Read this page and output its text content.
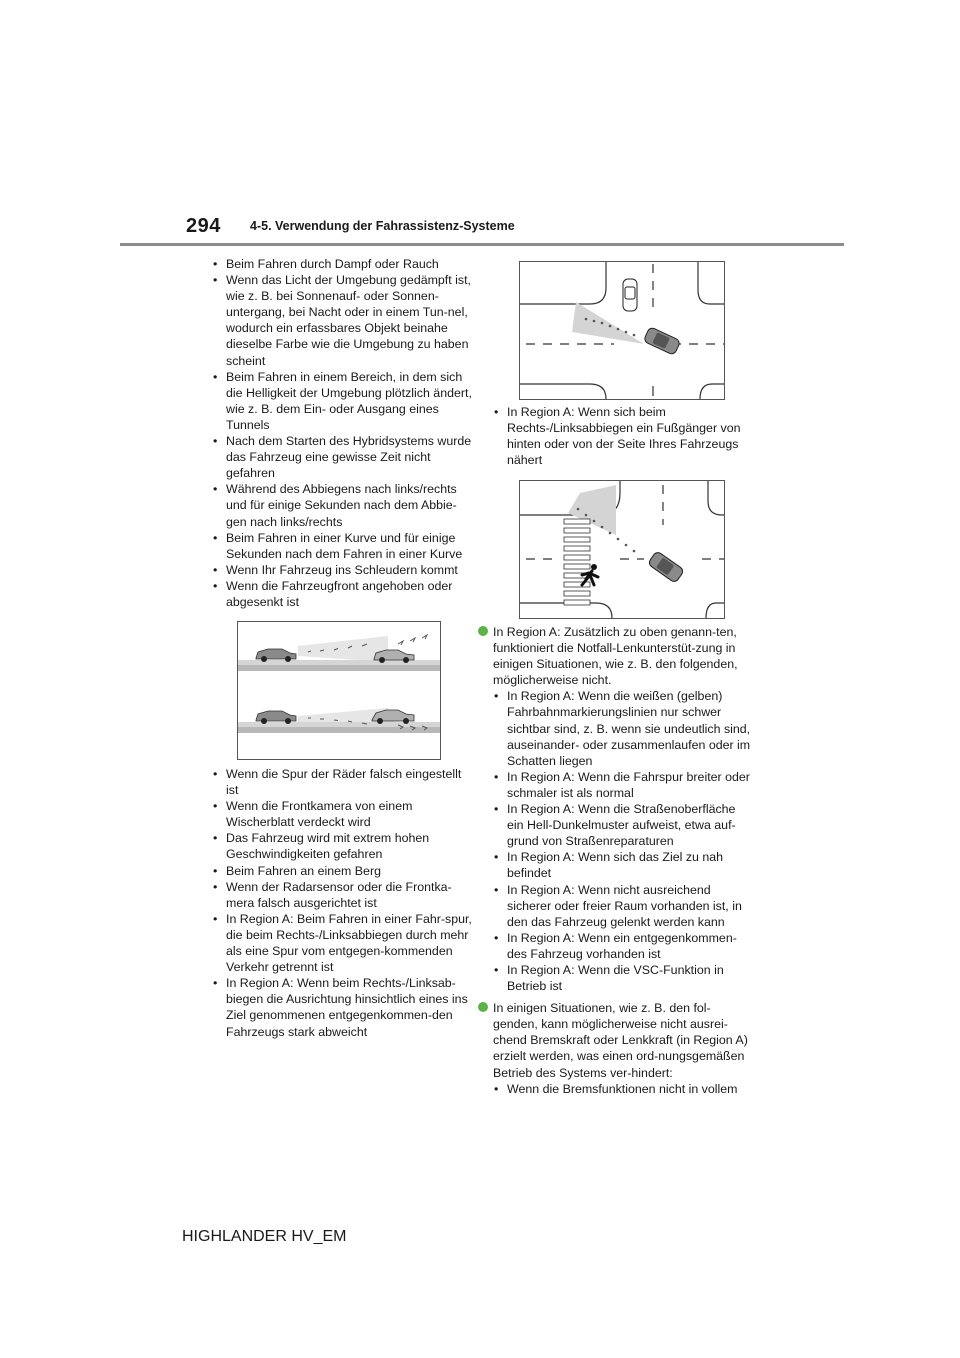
294 4-5. Verwendung der Fahrassistenz-Systeme
• Beim Fahren durch Dampf oder Rauch
• Wenn das Licht der Umgebung gedämpft ist, wie z. B. bei Sonnenauf- oder Sonnen-untergang, bei Nacht oder in einem Tun-nel, wodurch ein erfassbares Objekt beinahe dieselbe Farbe wie die Umgebung zu haben scheint
• Beim Fahren in einem Bereich, in dem sich die Helligkeit der Umgebung plötzlich ändert, wie z. B. dem Ein- oder Ausgang eines Tunnels
• Nach dem Starten des Hybridsystems wurde das Fahrzeug eine gewisse Zeit nicht gefahren
• Während des Abbiegens nach links/rechts und für einige Sekunden nach dem Abbie-gen nach links/rechts
• Beim Fahren in einer Kurve und für einige Sekunden nach dem Fahren in einer Kurve
• Wenn Ihr Fahrzeug ins Schleudern kommt
• Wenn die Fahrzeugfront angehoben oder abgesenkt ist
• Wenn die Spur der Räder falsch eingestellt ist
• Wenn die Frontkamera von einem Wischerblatt verdeckt wird
• Das Fahrzeug wird mit extrem hohen Geschwindigkeiten gefahren
• Beim Fahren an einem Berg
• Wenn der Radarsensor oder die Frontka-mera falsch ausgerichtet ist
• In Region A: Beim Fahren in einer Fahr-spur, die beim Rechts-/Linksabbiegen durch mehr als eine Spur vom entgegen-kommenden Verkehr getrennt ist
• In Region A: Wenn beim Rechts-/Linksab-biegen die Ausrichtung hinsichtlich eines ins Ziel genommenen entgegenkommen-den Fahrzeugs stark abweicht
• In Region A: Wenn sich beim Rechts-/Linksabbiegen ein Fußgänger von hinten oder von der Seite Ihres Fahrzeugs nähert

In Region A: Zusätzlich zu oben genann-ten, funktioniert die Notfall-Lenkunterstüt-zung in einigen Situationen, wie z. B. den folgenden, möglicherweise nicht.

• In Region A: Wenn die weißen (gelben) Fahrbahnmarkierungslinien nur schwer sichtbar sind, z. B. wenn sie undeutlich sind, auseinander- oder zusammenlaufen oder im Schatten liegen
• In Region A: Wenn die Fahrspur breiter oder schmaler ist als normal
• In Region A: Wenn die Straßenoberfläche ein Hell-Dunkelmuster aufweist, etwa auf-grund von Straßenreparaturen
• In Region A: Wenn sich das Ziel zu nah befindet
• In Region A: Wenn nicht ausreichend sicherer oder freier Raum vorhanden ist, in den das Fahrzeug gelenkt werden kann
• In Region A: Wenn ein entgegenkommen-des Fahrzeug vorhanden ist
• In Region A: Wenn die VSC-Funktion in Betrieb ist

In einigen Situationen, wie z. B. den fol-genden, kann möglicherweise nicht ausrei-chend Bremskraft oder Lenkkraft (in Region A) erzielt werden, was einen ord-nungsgemäßen Betrieb des Systems ver-hindert:

• Wenn die Bremsfunktionen nicht in vollem
HIGHLANDER HV_EM
